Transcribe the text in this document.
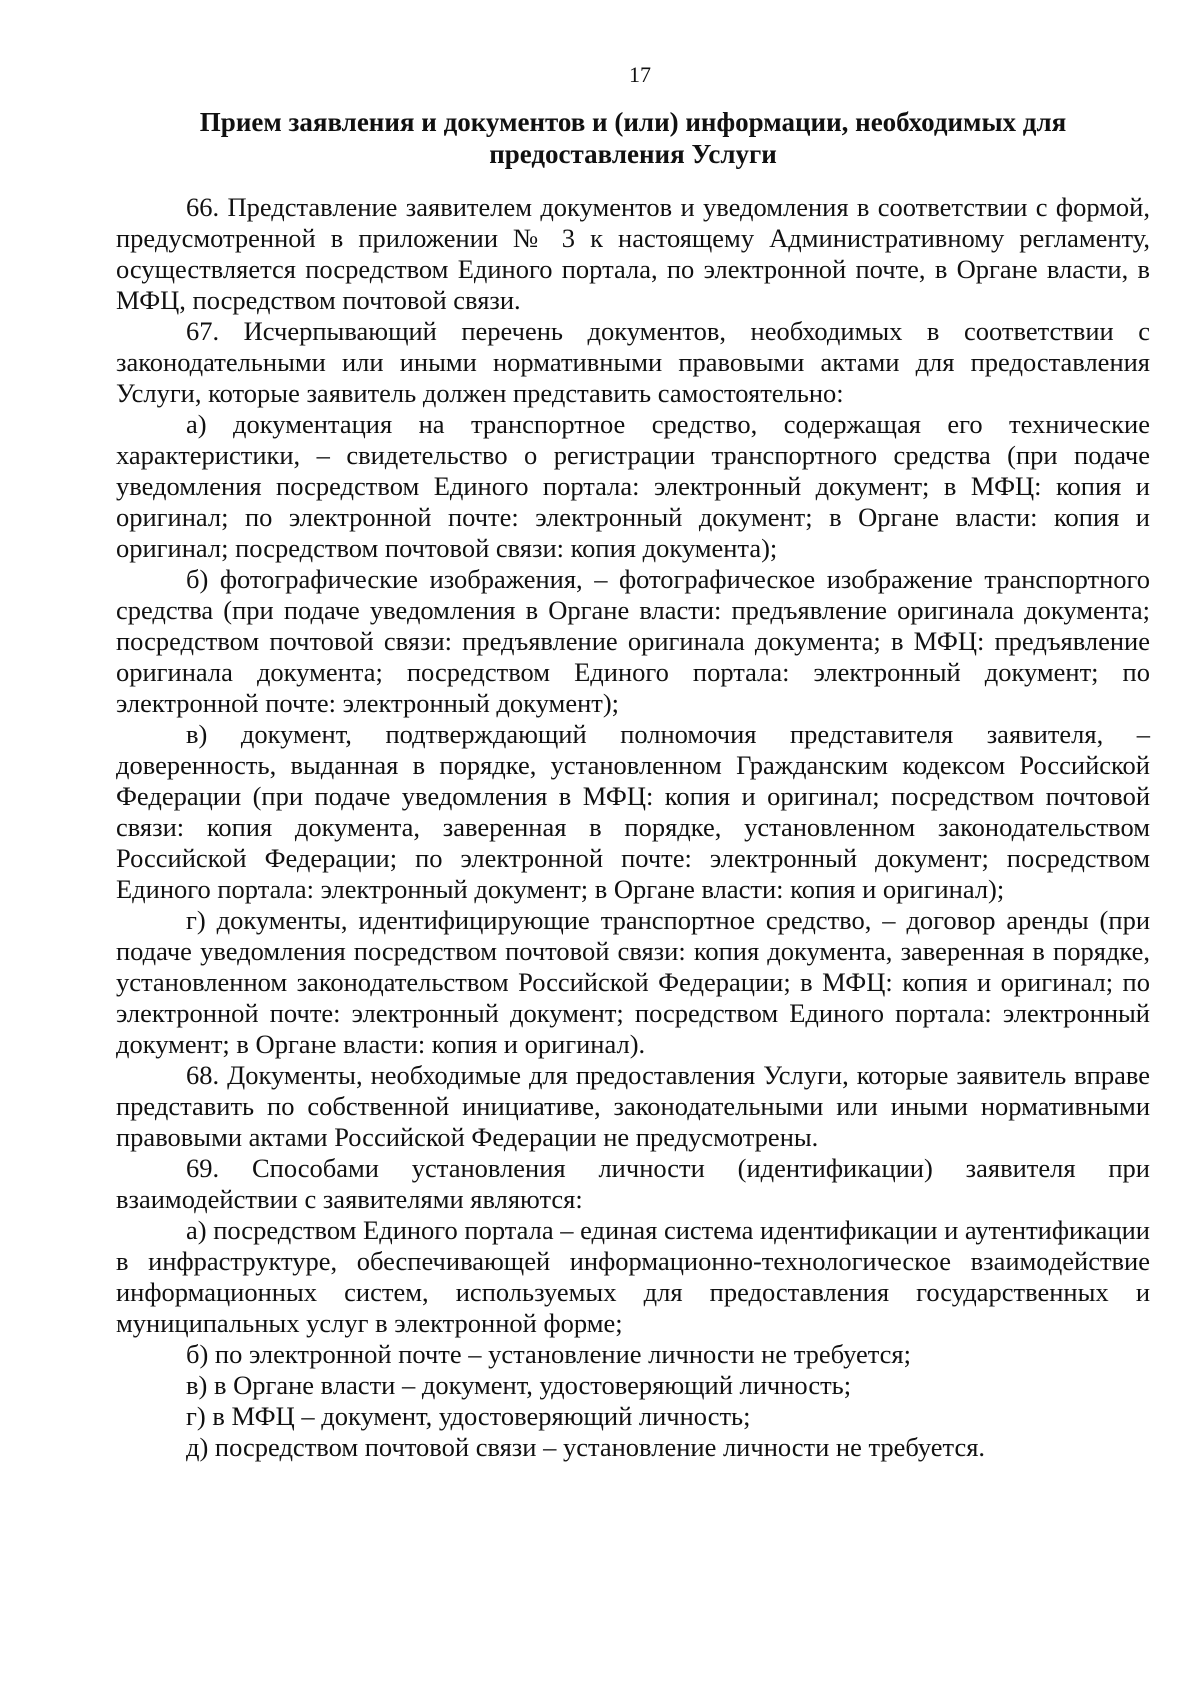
17
Прием заявления и документов и (или) информации, необходимых для предоставления Услуги

66. Представление заявителем документов и уведомления в соответствии с формой, предусмотренной в приложении № 3 к настоящему Административному регламенту, осуществляется посредством Единого портала, по электронной почте, в Органе власти, в МФЦ, посредством почтовой связи.

67. Исчерпывающий перечень документов, необходимых в соответствии с законодательными или иными нормативными правовыми актами для предоставления Услуги, которые заявитель должен представить самостоятельно:

а) документация на транспортное средство, содержащая его технические характеристики, – свидетельство о регистрации транспортного средства (при подаче уведомления посредством Единого портала: электронный документ; в МФЦ: копия и оригинал; по электронной почте: электронный документ; в Органе власти: копия и оригинал; посредством почтовой связи: копия документа);

б) фотографические изображения, – фотографическое изображение транспортного средства (при подаче уведомления в Органе власти: предъявление оригинала документа; посредством почтовой связи: предъявление оригинала документа; в МФЦ: предъявление оригинала документа; посредством Единого портала: электронный документ; по электронной почте: электронный документ);

в) документ, подтверждающий полномочия представителя заявителя, – доверенность, выданная в порядке, установленном Гражданским кодексом Российской Федерации (при подаче уведомления в МФЦ: копия и оригинал; посредством почтовой связи: копия документа, заверенная в порядке, установленном законодательством Российской Федерации; по электронной почте: электронный документ; посредством Единого портала: электронный документ; в Органе власти: копия и оригинал);

г) документы, идентифицирующие транспортное средство, – договор аренды (при подаче уведомления посредством почтовой связи: копия документа, заверенная в порядке, установленном законодательством Российской Федерации; в МФЦ: копия и оригинал; по электронной почте: электронный документ; посредством Единого портала: электронный документ; в Органе власти: копия и оригинал).

68. Документы, необходимые для предоставления Услуги, которые заявитель вправе представить по собственной инициативе, законодательными или иными нормативными правовыми актами Российской Федерации не предусмотрены.

69. Способами установления личности (идентификации) заявителя при взаимодействии с заявителями являются:

а) посредством Единого портала – единая система идентификации и аутентификации в инфраструктуре, обеспечивающей информационно-технологическое взаимодействие информационных систем, используемых для предоставления государственных и муниципальных услуг в электронной форме;

б) по электронной почте – установление личности не требуется;

в) в Органе власти – документ, удостоверяющий личность;

г) в МФЦ – документ, удостоверяющий личность;

д) посредством почтовой связи – установление личности не требуется.
